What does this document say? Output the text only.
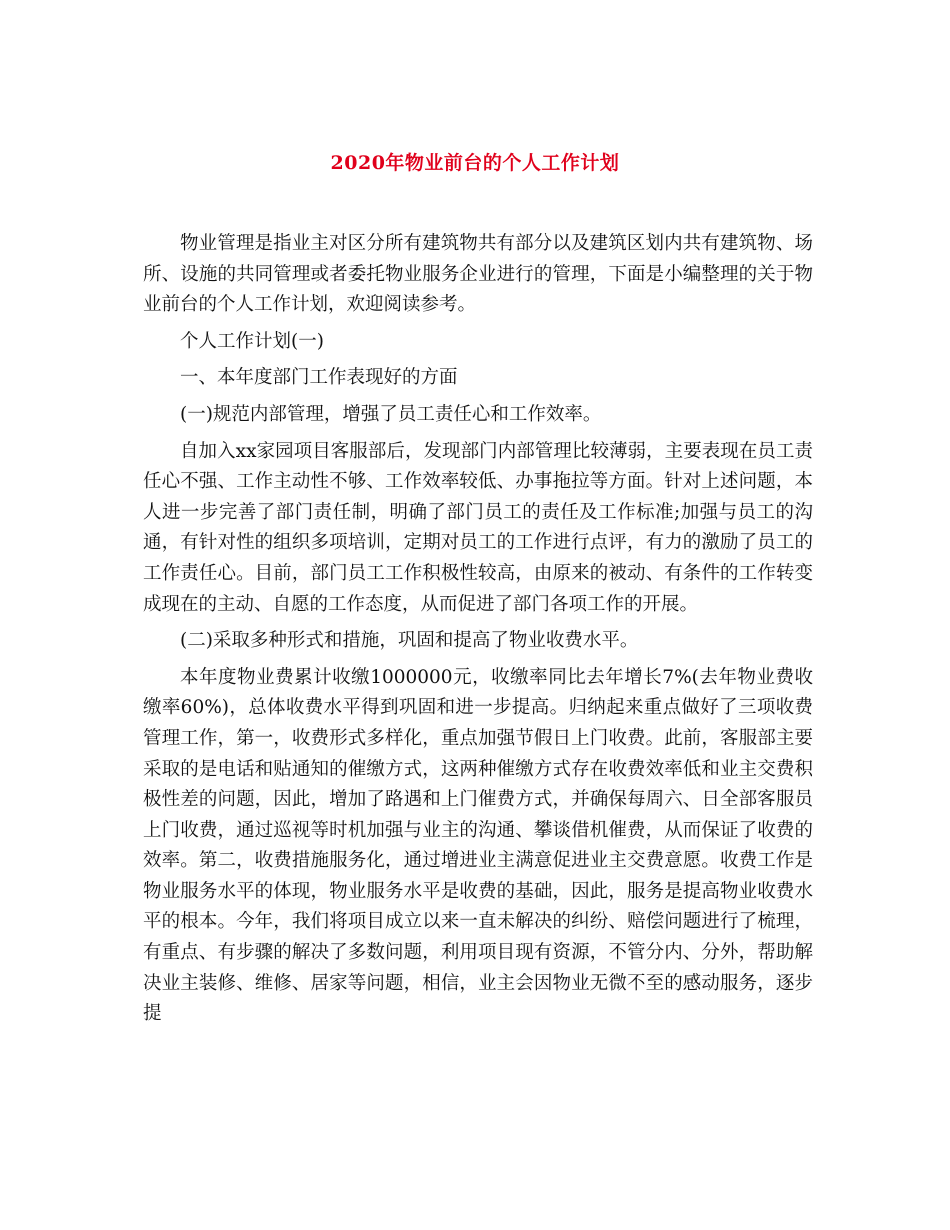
2020年物业前台的个人工作计划

物业管理是指业主对区分所有建筑物共有部分以及建筑区划内共有建筑物、场所、设施的共同管理或者委托物业服务企业进行的管理，下面是小编整理的关于物业前台的个人工作计划，欢迎阅读参考。

个人工作计划(一)

一、本年度部门工作表现好的方面

(一)规范内部管理，增强了员工责任心和工作效率。

自加入xx家园项目客服部后，发现部门内部管理比较薄弱，主要表现在员工责任心不强、工作主动性不够、工作效率较低、办事拖拉等方面。针对上述问题，本人进一步完善了部门责任制，明确了部门员工的责任及工作标准;加强与员工的沟通，有针对性的组织多项培训，定期对员工的工作进行点评，有力的激励了员工的工作责任心。目前，部门员工工作积极性较高，由原来的被动、有条件的工作转变成现在的主动、自愿的工作态度，从而促进了部门各项工作的开展。

(二)采取多种形式和措施，巩固和提高了物业收费水平。

本年度物业费累计收缴1000000元，收缴率同比去年增长7%(去年物业费收缴率60%)，总体收费水平得到巩固和进一步提高。归纳起来重点做好了三项收费管理工作，第一，收费形式多样化，重点加强节假日上门收费。此前，客服部主要采取的是电话和贴通知的催缴方式，这两种催缴方式存在收费效率低和业主交费积极性差的问题，因此，增加了路遇和上门催费方式，并确保每周六、日全部客服员上门收费，通过巡视等时机加强与业主的沟通、攀谈借机催费，从而保证了收费的效率。第二，收费措施服务化，通过增进业主满意促进业主交费意愿。收费工作是物业服务水平的体现，物业服务水平是收费的基础，因此，服务是提高物业收费水平的根本。今年，我们将项目成立以来一直未解决的纠纷、赔偿问题进行了梳理，有重点、有步骤的解决了多数问题，利用项目现有资源，不管分内、分外，帮助解决业主装修、维修、居家等问题，相信，业主会因物业无微不至的感动服务，逐步提
